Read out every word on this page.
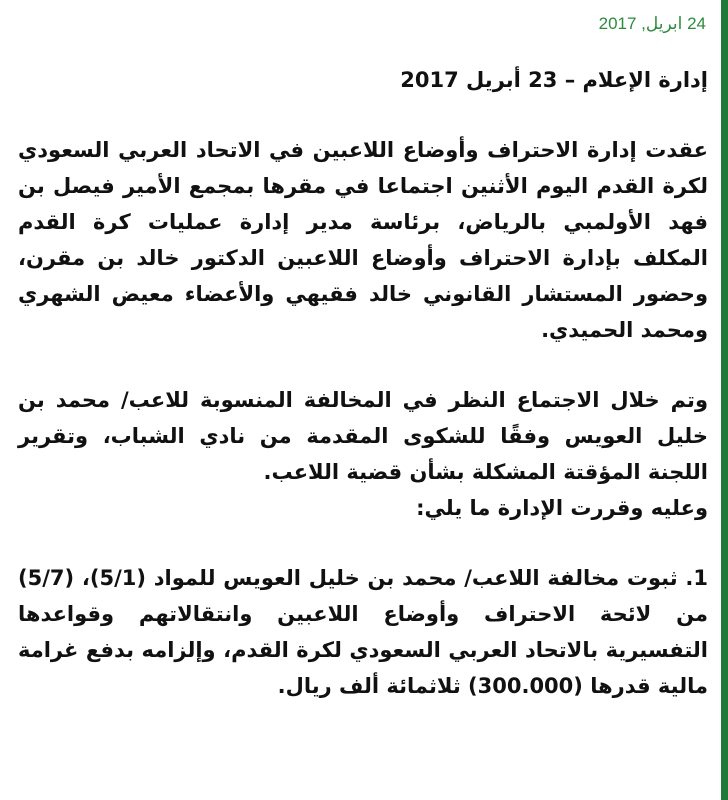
24 ابريل, 2017
إدارة الإعلام – 23 أبريل 2017

عقدت إدارة الاحتراف وأوضاع اللاعبين في الاتحاد العربي السعودي لكرة القدم اليوم الأثنين اجتماعا في مقرها بمجمع الأمير فيصل بن فهد الأولمبي بالرياض، برئاسة مدير إدارة عمليات كرة القدم المكلف بإدارة الاحتراف وأوضاع اللاعبين الدكتور خالد بن مقرن، وحضور المستشار القانوني خالد فقيهي والأعضاء معيض الشهري ومحمد الحميدي.

وتم خلال الاجتماع النظر في المخالفة المنسوبة للاعب/ محمد بن خليل العويس وفقًا للشكوى المقدمة من نادي الشباب، وتقرير اللجنة المؤقتة المشكلة بشأن قضية اللاعب.

وعليه وقررت الإدارة ما يلي:

1. ثبوت مخالفة اللاعب/ محمد بن خليل العويس للمواد (5/1)، (5/7) من لائحة الاحتراف وأوضاع اللاعبين وانتقالاتهم وقواعدها التفسيرية بالاتحاد العربي السعودي لكرة القدم، وإلزامه بدفع غرامة مالية قدرها (300.000) ثلاثمائة ألف ريال.
